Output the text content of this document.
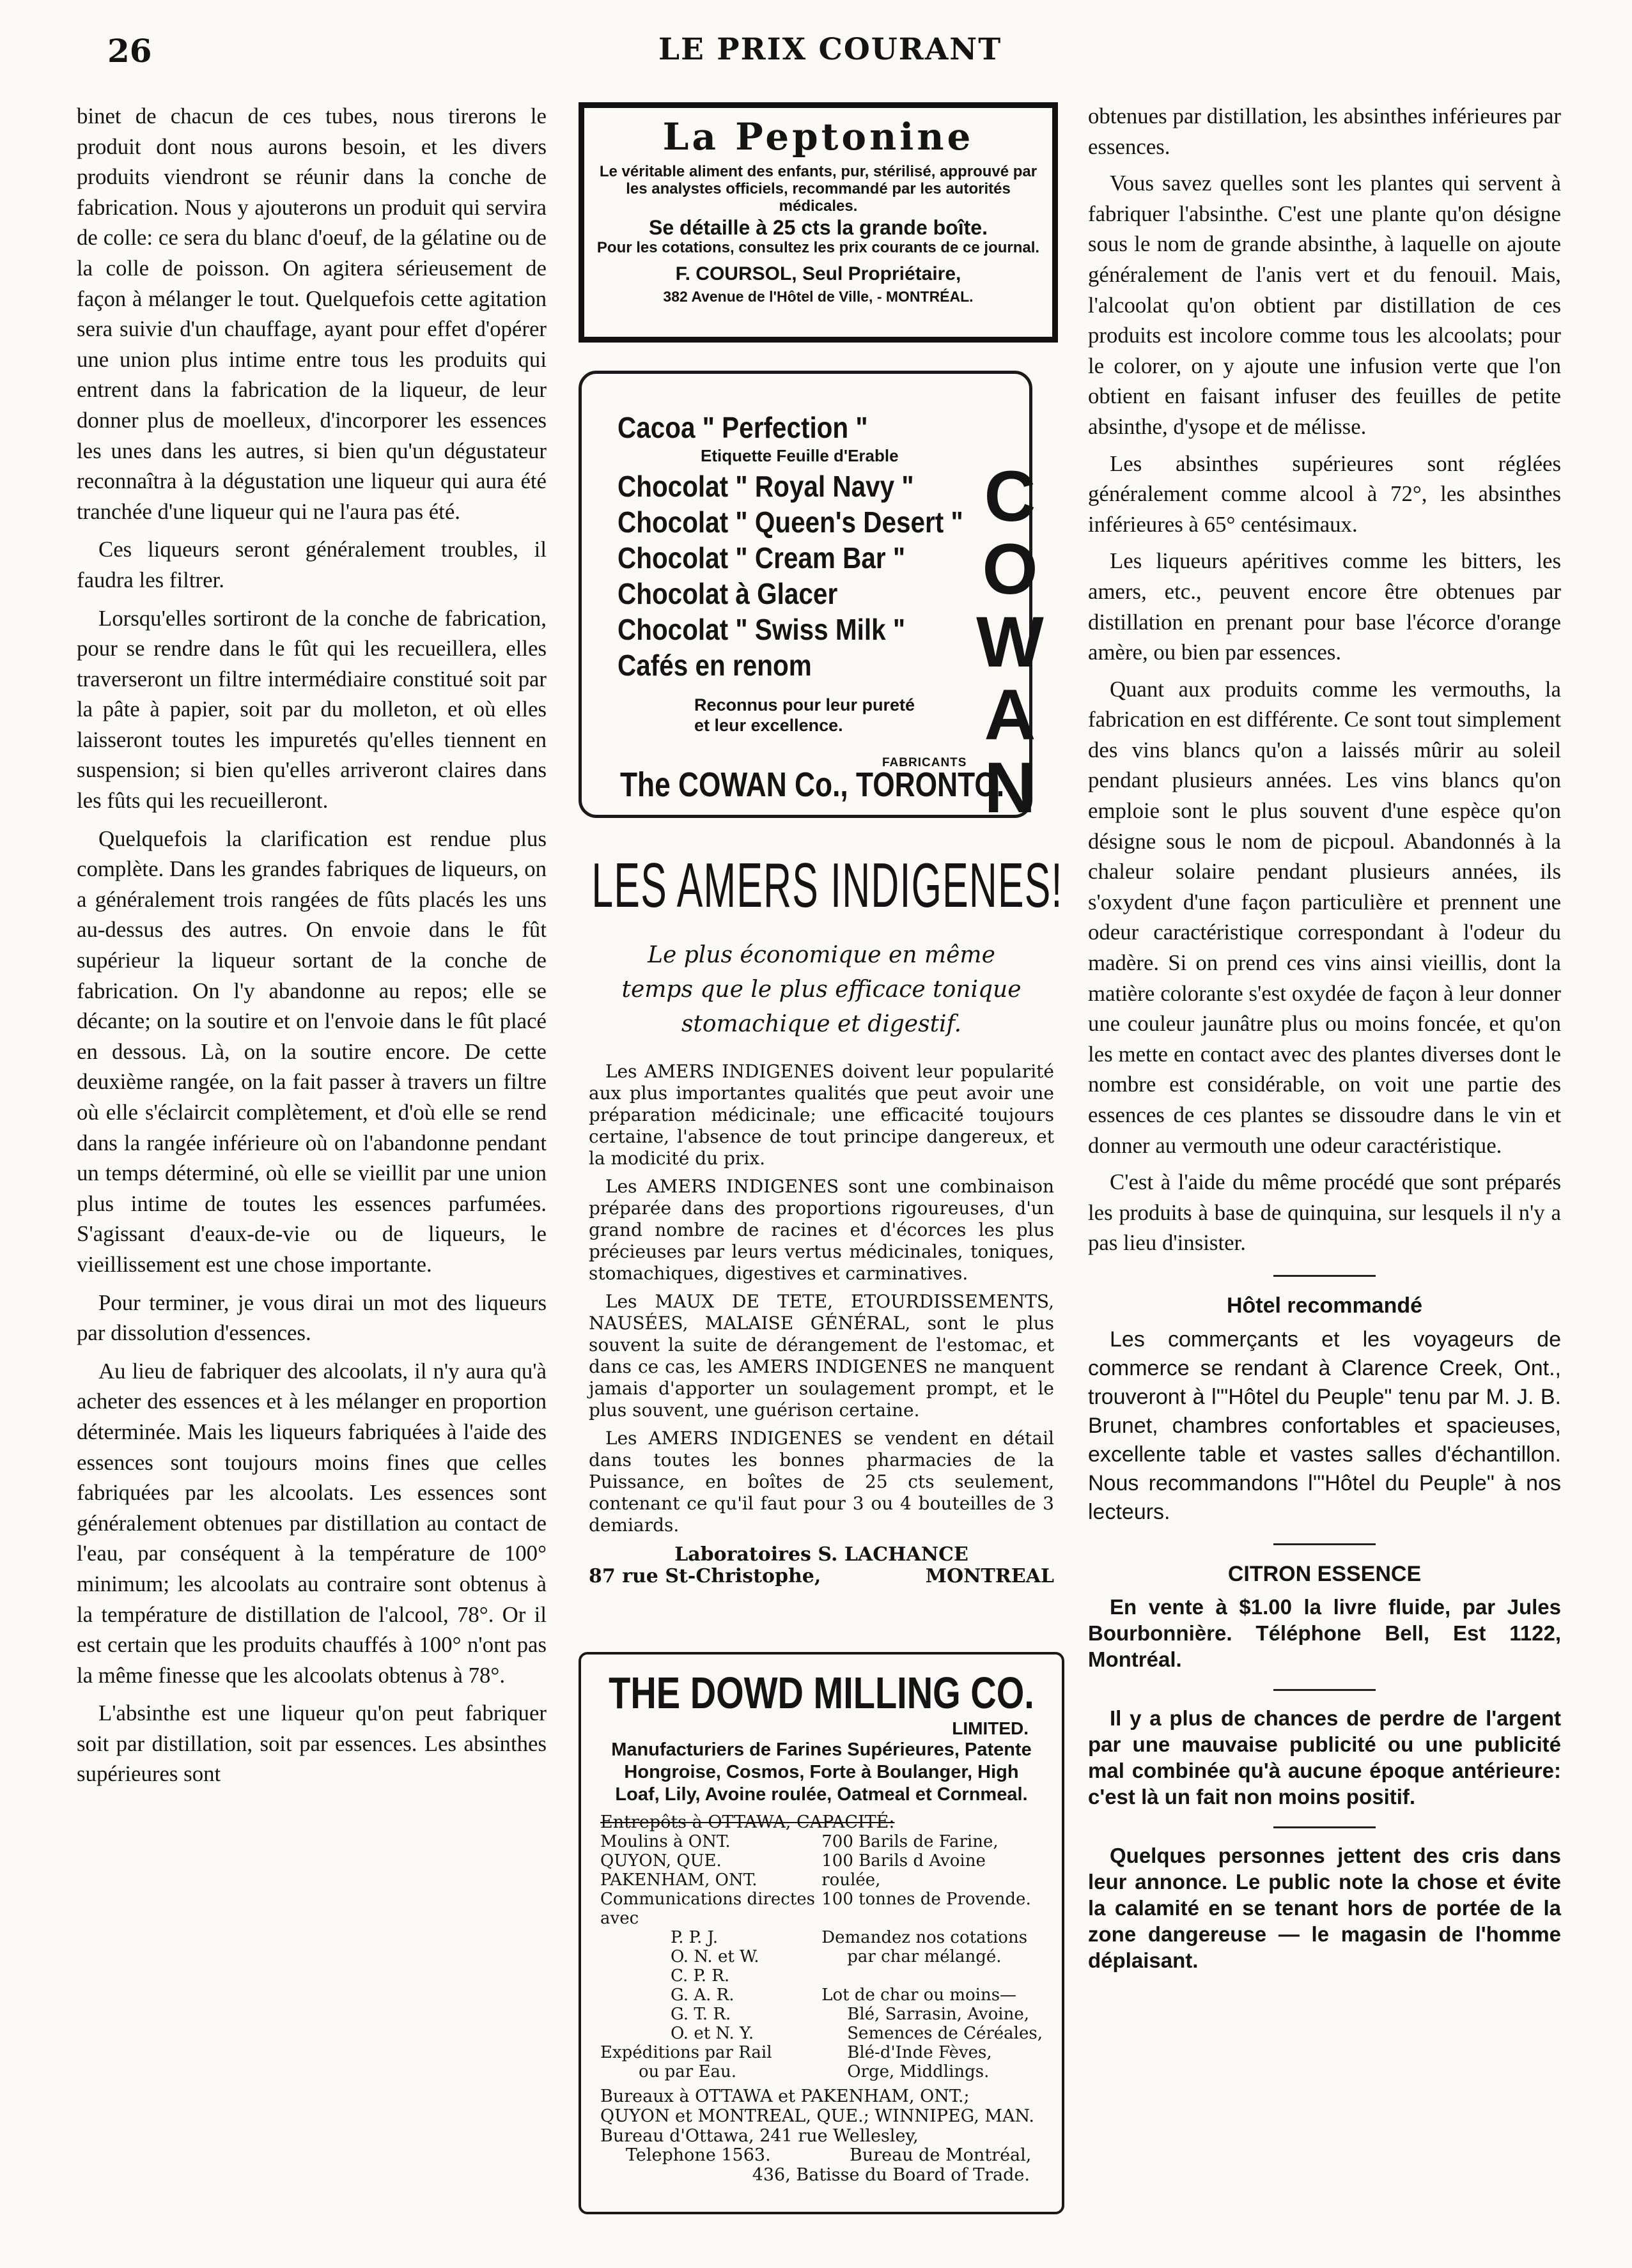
26	LE PRIX COURANT

binet de chacun de ces tubes, nous tirerons le produit dont nous aurons besoin, et les divers produits viendront se réunir dans la conche de fabrication. Nous y ajouterons un produit qui servira de colle: ce sera du blanc d'oeuf, de la gélatine ou de la colle de poisson. On agitera sérieusement de façon à mélanger le tout. Quelquefois cette agitation sera suivie d'un chauffage, ayant pour effet d'opérer une union plus intime entre tous les produits qui entrent dans la fabrication de la liqueur, de leur donner plus de moelleux, d'incorporer les essences les unes dans les autres, si bien qu'un dégustateur reconnaîtra à la dégustation une liqueur qui aura été tranchée d'une liqueur qui ne l'aura pas été.

Ces liqueurs seront généralement troubles, il faudra les filtrer.

Lorsqu'elles sortiront de la conche de fabrication, pour se rendre dans le fût qui les recueillera, elles traverseront un filtre intermédiaire constitué soit par la pâte à papier, soit par du molleton, et où elles laisseront toutes les impuretés qu'elles tiennent en suspension; si bien qu'elles arriveront claires dans les fûts qui les recueilleront.

Quelquefois la clarification est rendue plus complète. Dans les grandes fabriques de liqueurs, on a généralement trois rangées de fûts placés les uns au-dessus des autres. On envoie dans le fût supérieur la liqueur sortant de la conche de fabrication. On l'y abandonne au repos; elle se décante; on la soutire et on l'envoie dans le fût placé en dessous. Là, on la soutire encore. De cette deuxième rangée, on la fait passer à travers un filtre où elle s'éclaircit complètement, et d'où elle se rend dans la rangée inférieure où on l'abandonne pendant un temps déterminé, où elle se vieillit par une union plus intime de toutes les essences parfumées. S'agissant d'eaux-de-vie ou de liqueurs, le vieillissement est une chose importante.

Pour terminer, je vous dirai un mot des liqueurs par dissolution d'essences.

Au lieu de fabriquer des alcoolats, il n'y aura qu'à acheter des essences et à les mélanger en proportion déterminée. Mais les liqueurs fabriquées à l'aide des essences sont toujours moins fines que celles fabriquées par les alcoolats. Les essences sont généralement obtenues par distillation au contact de l'eau, par conséquent à la température de 100° minimum; les alcoolats au contraire sont obtenus à la température de distillation de l'alcool, 78°. Or il est certain que les produits chauffés à 100° n'ont pas la même finesse que les alcoolats obtenus à 78°.

L'absinthe est une liqueur qu'on peut fabriquer soit par distillation, soit par essences. Les absinthes supérieures sont

La Peptonine
Le véritable aliment des enfants, pur, stérilisé, approuvé par les analystes officiels, recommandé par les autorités médicales.
Se détaille à 25 cts la grande boîte.
Pour les cotations, consultez les prix courants de ce journal.
F. COURSOL, Seul Propriétaire,
382 Avenue de l'Hôtel de Ville, - MONTRÉAL.
Cacoa " Perfection "
Etiquette Feuille d'Erable
Chocolat " Royal Navy "
Chocolat " Queen's Desert "
Chocolat " Cream Bar "
Chocolat à Glacer
Chocolat " Swiss Milk "
Cafés en renom
Reconnus pour leur pureté
et leur excellence.
FABRICANTS
The COWAN Co., TORONTO.
C
O
W
A
N
LES AMERS INDIGENES!
Le plus économique en même temps que le plus efficace tonique stomachique et digestif.

Les AMERS INDIGENES doivent leur popularité aux plus importantes qualités que peut avoir une préparation médicinale; une efficacité toujours certaine, l'absence de tout principe dangereux, et la modicité du prix.

Les AMERS INDIGENES sont une combinaison préparée dans des proportions rigoureuses, d'un grand nombre de racines et d'écorces les plus précieuses par leurs vertus médicinales, toniques, stomachiques, digestives et carminatives.

Les MAUX DE TETE, ETOURDISSEMENTS, NAUSÉES, MALAISE GÉNÉRAL, sont le plus souvent la suite de dérangement de l'estomac, et dans ce cas, les AMERS INDIGENES ne manquent jamais d'apporter un soulagement prompt, et le plus souvent, une guérison certaine.

Les AMERS INDIGENES se vendent en détail dans toutes les bonnes pharmacies de la Puissance, en boîtes de 25 cts seulement, contenant ce qu'il faut pour 3 ou 4 bouteilles de 3 demiards.

Laboratoires S. LACHANCE
87 rue St-Christophe,	MONTREAL
THE DOWD MILLING CO.
LIMITED.
Manufacturiers de Farines Supérieures, Patente Hongroise, Cosmos, Forte à Boulanger, High Loaf, Lily, Avoine roulée, Oatmeal et Cornmeal.
Entrepôts à OTTAWA, CAPACITÉ:
Moulins à ONT.	700 Barils de Farine,
QUYON, QUE.	100 Barils d Avoine
PAKENHAM, ONT.	roulée,
Communications directes avec
100 tonnes de Provende.
P. P. J.	Demandez nos cotations
O. N. et W.	par char mélangé.
C. P. R.
G. A. R.	Lot de char ou moins—
G. T. R.	Blé, Sarrasin, Avoine,
O. et N. Y.	Semences de Céréales,
Expéditions par Rail	Blé-d'Inde Fèves,
ou par Eau.	Orge, Middlings.
Bureaux à OTTAWA et PAKENHAM, ONT.; QUYON et MONTREAL, QUE.; WINNIPEG, MAN.
Bureau d'Ottawa, 241 rue Wellesley,
Telephone 1563.	Bureau de Montréal,
436, Batisse du Board of Trade.

obtenues par distillation, les absinthes inférieures par essences.

Vous savez quelles sont les plantes qui servent à fabriquer l'absinthe. C'est une plante qu'on désigne sous le nom de grande absinthe, à laquelle on ajoute généralement de l'anis vert et du fenouil. Mais, l'alcoolat qu'on obtient par distillation de ces produits est incolore comme tous les alcoolats; pour le colorer, on y ajoute une infusion verte que l'on obtient en faisant infuser des feuilles de petite absinthe, d'ysope et de mélisse.

Les absinthes supérieures sont réglées généralement comme alcool à 72°, les absinthes inférieures à 65° centésimaux.

Les liqueurs apéritives comme les bitters, les amers, etc., peuvent encore être obtenues par distillation en prenant pour base l'écorce d'orange amère, ou bien par essences.

Quant aux produits comme les vermouths, la fabrication en est différente. Ce sont tout simplement des vins blancs qu'on a laissés mûrir au soleil pendant plusieurs années. Les vins blancs qu'on emploie sont le plus souvent d'une espèce qu'on désigne sous le nom de picpoul. Abandonnés à la chaleur solaire pendant plusieurs années, ils s'oxydent d'une façon particulière et prennent une odeur caractéristique correspondant à l'odeur du madère. Si on prend ces vins ainsi vieillis, dont la matière colorante s'est oxydée de façon à leur donner une couleur jaunâtre plus ou moins foncée, et qu'on les mette en contact avec des plantes diverses dont le nombre est considérable, on voit une partie des essences de ces plantes se dissoudre dans le vin et donner au vermouth une odeur caractéristique.

C'est à l'aide du même procédé que sont préparés les produits à base de quinquina, sur lesquels il n'y a pas lieu d'insister.

Hôtel recommandé

Les commerçants et les voyageurs de commerce se rendant à Clarence Creek, Ont., trouveront à l'"Hôtel du Peuple" tenu par M. J. B. Brunet, chambres confortables et spacieuses, excellente table et vastes salles d'échantillon. Nous recommandons l'"Hôtel du Peuple" à nos lecteurs.

CITRON ESSENCE

En vente à $1.00 la livre fluide, par Jules Bourbonnière. Téléphone Bell, Est 1122, Montréal.

Il y a plus de chances de perdre de l'argent par une mauvaise publicité ou une publicité mal combinée qu'à aucune époque antérieure: c'est là un fait non moins positif.

Quelques personnes jettent des cris dans leur annonce. Le public note la chose et évite la calamité en se tenant hors de portée de la zone dangereuse — le magasin de l'homme déplaisant.
